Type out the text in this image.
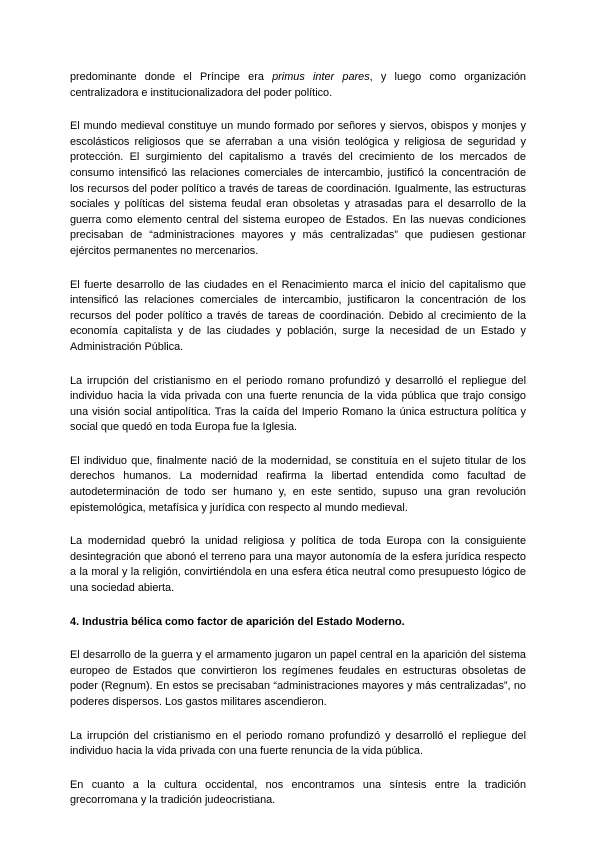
predominante donde el Príncipe era primus inter pares, y luego como organización centralizadora e institucionalizadora del poder político.

El mundo medieval constituye un mundo formado por señores y siervos, obispos y monjes y escolásticos religiosos que se aferraban a una visión teológica y religiosa de seguridad y protección. El surgimiento del capitalismo a través del crecimiento de los mercados de consumo intensificó las relaciones comerciales de intercambio, justificó la concentración de los recursos del poder político a través de tareas de coordinación. Igualmente, las estructuras sociales y políticas del sistema feudal eran obsoletas y atrasadas para el desarrollo de la guerra como elemento central del sistema europeo de Estados. En las nuevas condiciones precisaban de “administraciones mayores y más centralizadas” que pudiesen gestionar ejércitos permanentes no mercenarios.

El fuerte desarrollo de las ciudades en el Renacimiento marca el inicio del capitalismo que intensificó las relaciones comerciales de intercambio, justificaron la concentración de los recursos del poder político a través de tareas de coordinación. Debido al crecimiento de la economía capitalista y de las ciudades y población, surge la necesidad de un Estado y Administración Pública.

La irrupción del cristianismo en el periodo romano profundizó y desarrolló el repliegue del individuo hacia la vida privada con una fuerte renuncia de la vida pública que trajo consigo una visión social antipolítica. Tras la caída del Imperio Romano la única estructura política y social que quedó en toda Europa fue la Iglesia.

El individuo que, finalmente nació de la modernidad, se constituía en el sujeto titular de los derechos humanos. La modernidad reafirma la libertad entendida como facultad de autodeterminación de todo ser humano y, en este sentido, supuso una gran revolución epistemológica, metafísica y jurídica con respecto al mundo medieval.

La modernidad quebró la unidad religiosa y política de toda Europa con la consiguiente desintegración que abonó el terreno para una mayor autonomía de la esfera jurídica respecto a la moral y la religión, convirtiéndola en una esfera ética neutral como presupuesto lógico de una sociedad abierta.

4. Industria bélica como factor de aparición del Estado Moderno.

El desarrollo de la guerra y el armamento jugaron un papel central en la aparición del sistema europeo de Estados que convirtieron los regímenes feudales en estructuras obsoletas de poder (Regnum). En estos se precisaban “administraciones mayores y más centralizadas”, no poderes dispersos. Los gastos militares ascendieron.

La irrupción del cristianismo en el periodo romano profundizó y desarrolló el repliegue del individuo hacia la vida privada con una fuerte renuncia de la vida pública.

En cuanto a la cultura occidental, nos encontramos una síntesis entre la tradición grecorromana y la tradición judeocristiana.
